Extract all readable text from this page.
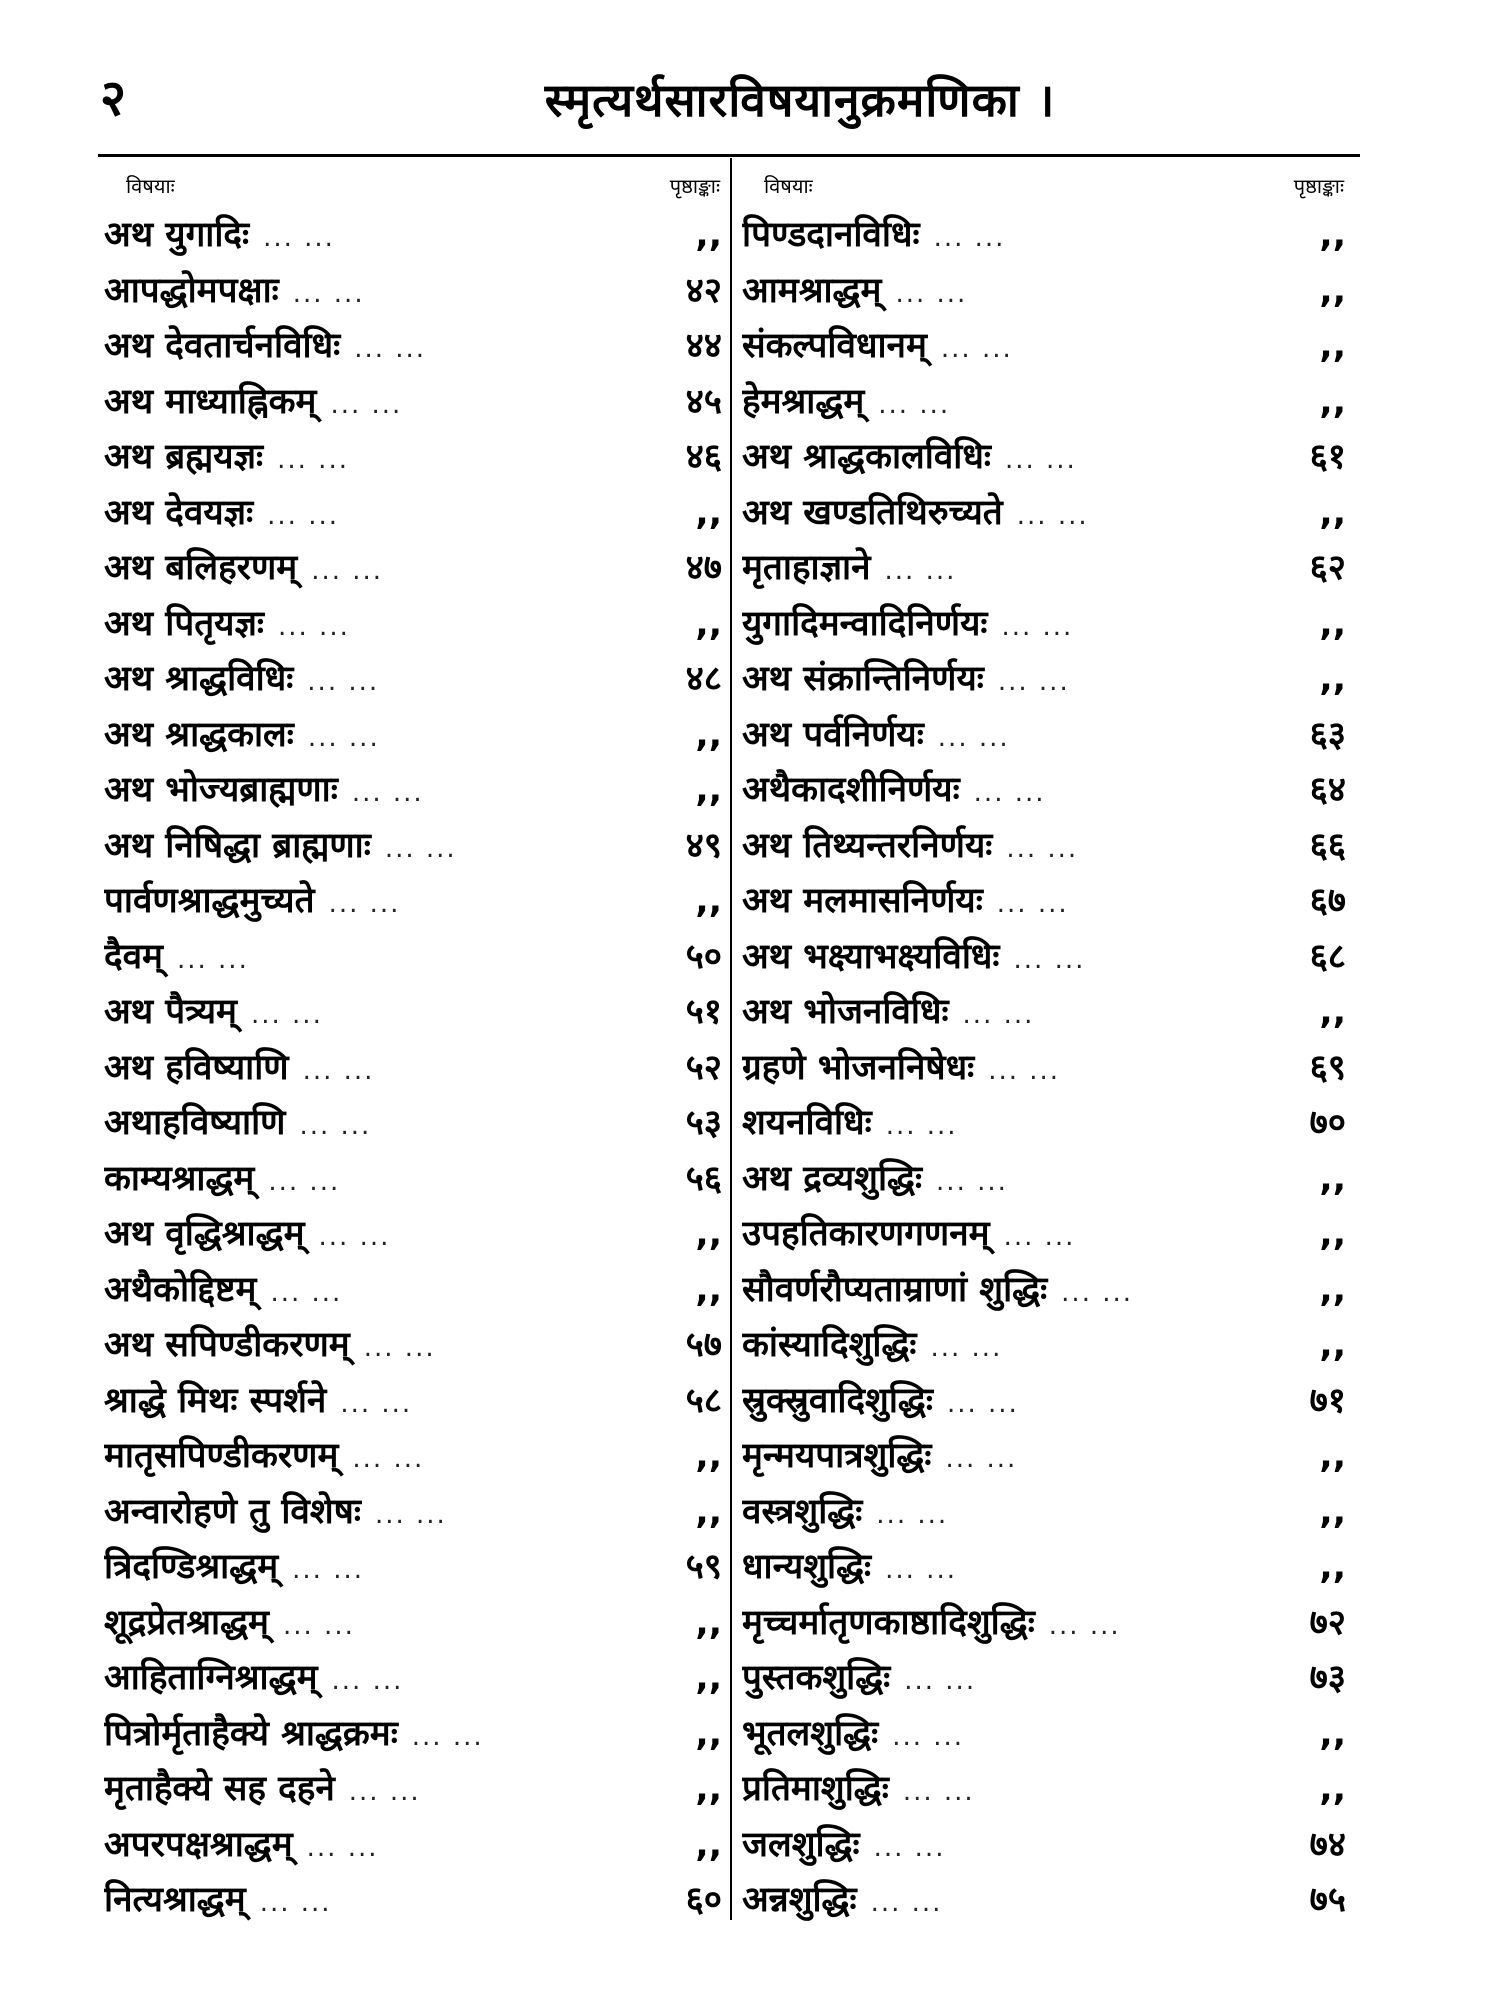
२	स्मृत्यर्थसारविषयानुक्रमणिका ।
विषयाः	पृष्ठाङ्काः
अथ युगादिः ... ...	,,
आपद्धोमपक्षाः ... ...	४२
अथ देवतार्चनविधिः ... ...	४४
अथ माध्याह्निकम् ... ...	४५
अथ ब्रह्मयज्ञः ... ...	४६
अथ देवयज्ञः ... ...	,,
अथ बलिहरणम् ... ...	४७
अथ पितृयज्ञः ... ...	,,
अथ श्राद्धविधिः ... ...	४८
अथ श्राद्धकालः ... ...	,,
अथ भोज्यब्राह्मणाः ... ...	,,
अथ निषिद्धा ब्राह्मणाः ... ...	४९
पार्वणश्राद्धमुच्यते ... ...	,,
दैवम् ... ...	५०
अथ पैत्र्यम् ... ...	५१
अथ हविष्याणि ... ...	५२
अथाहविष्याणि ... ...	५३
काम्यश्राद्धम् ... ...	५६
अथ वृद्धिश्राद्धम् ... ...	,,
अथैकोद्दिष्टम् ... ...	,,
अथ सपिण्डीकरणम् ... ...	५७
श्राद्धे मिथः स्पर्शने ... ...	५८
मातृसपिण्डीकरणम् ... ...	,,
अन्वारोहणे तु विशेषः ... ...	,,
त्रिदण्डिश्राद्धम् ... ...	५९
शूद्रप्रेतश्राद्धम् ... ...	,,
आहिताग्निश्राद्धम् ... ...	,,
पित्रोर्मृताहैक्ये श्राद्धक्रमः ... ...	,,
मृताहैक्ये सह दहने ... ...	,,
अपरपक्षश्राद्धम् ... ...	,,
नित्यश्राद्धम् ... ...	६०
विषयाः	पृष्ठाङ्काः
पिण्डदानविधिः ... ...	,,
आमश्राद्धम् ... ...	,,
संकल्पविधानम् ... ...	,,
हेमश्राद्धम् ... ...	,,
अथ श्राद्धकालविधिः ... ...	६१
अथ खण्डतिथिरुच्यते ... ...	,,
मृताहाज्ञाने ... ...	६२
युगादिमन्वादिनिर्णयः ... ...	,,
अथ संक्रान्तिनिर्णयः ... ...	,,
अथ पर्वनिर्णयः ... ...	६३
अथैकादशीनिर्णयः ... ...	६४
अथ तिथ्यन्तरनिर्णयः ... ...	६६
अथ मलमासनिर्णयः ... ...	६७
अथ भक्ष्याभक्ष्यविधिः ... ...	६८
अथ भोजनविधिः ... ...	,,
ग्रहणे भोजननिषेधः ... ...	६९
शयनविधिः ... ...	७०
अथ द्रव्यशुद्धिः ... ...	,,
उपहतिकारणगणनम् ... ...	,,
सौवर्णरौप्यताम्राणां शुद्धिः ... ...	,,
कांस्यादिशुद्धिः ... ...	,,
स्रुक्स्रुवादिशुद्धिः ... ...	७१
मृन्मयपात्रशुद्धिः ... ...	,,
वस्त्रशुद्धिः ... ...	,,
धान्यशुद्धिः ... ...	,,
मृच्चर्मातृणकाष्ठादिशुद्धिः ... ...	७२
पुस्तकशुद्धिः ... ...	७३
भूतलशुद्धिः ... ...	,,
प्रतिमाशुद्धिः ... ...	,,
जलशुद्धिः ... ...	७४
अन्नशुद्धिः ... ...	७५
